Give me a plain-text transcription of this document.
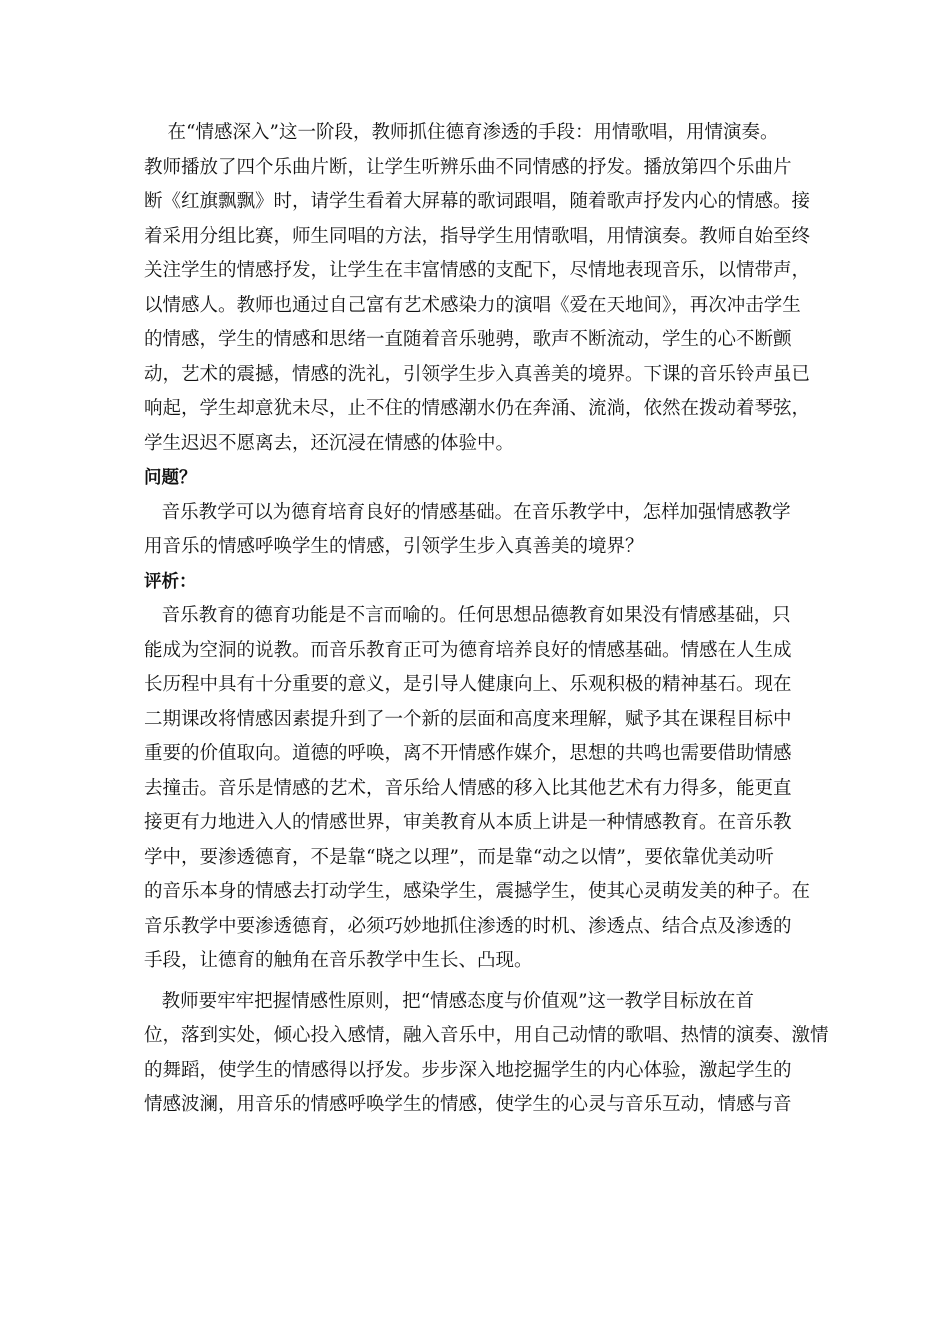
在“情感深入”这一阶段，教师抓住德育渗透的手段：用情歌唱，用情演奏。
教师播放了四个乐曲片断，让学生听辨乐曲不同情感的抒发。播放第四个乐曲片
断《红旗飘飘》时，请学生看着大屏幕的歌词跟唱，随着歌声抒发内心的情感。接
着采用分组比赛，师生同唱的方法，指导学生用情歌唱，用情演奏。教师自始至终
关注学生的情感抒发，让学生在丰富情感的支配下，尽情地表现音乐，以情带声，
以情感人。教师也通过自己富有艺术感染力的演唱《爱在天地间》，再次冲击学生
的情感，学生的情感和思绪一直随着音乐驰骋，歌声不断流动，学生的心不断颤
动，艺术的震撼，情感的洗礼，引领学生步入真善美的境界。下课的音乐铃声虽已
响起，学生却意犹未尽，止不住的情感潮水仍在奔涌、流淌，依然在拨动着琴弦，
学生迟迟不愿离去，还沉浸在情感的体验中。
问题？
音乐教学可以为德育培育良好的情感基础。在音乐教学中，怎样加强情感教学
用音乐的情感呼唤学生的情感，引领学生步入真善美的境界？
评析：
音乐教育的德育功能是不言而喻的。任何思想品德教育如果没有情感基础，只
能成为空洞的说教。而音乐教育正可为德育培养良好的情感基础。情感在人生成
长历程中具有十分重要的意义，是引导人健康向上、乐观积极的精神基石。现在
二期课改将情感因素提升到了一个新的层面和高度来理解，赋予其在课程目标中
重要的价值取向。道德的呼唤，离不开情感作媒介，思想的共鸣也需要借助情感
去撞击。音乐是情感的艺术，音乐给人情感的移入比其他艺术有力得多，能更直
接更有力地进入人的情感世界，审美教育从本质上讲是一种情感教育。在音乐教
学中，要渗透德育，不是靠“晓之以理”，而是靠“动之以情”，要依靠优美动听
的音乐本身的情感去打动学生，感染学生，震撼学生，使其心灵萌发美的种子。在
音乐教学中要渗透德育，必须巧妙地抓住渗透的时机、渗透点、结合点及渗透的
手段，让德育的触角在音乐教学中生长、凸现。
教师要牢牢把握情感性原则，把“情感态度与价值观”这一教学目标放在首
位，落到实处，倾心投入感情，融入音乐中，用自己动情的歌唱、热情的演奏、激情
的舞蹈，使学生的情感得以抒发。步步深入地挖掘学生的内心体验，激起学生的
情感波澜，用音乐的情感呼唤学生的情感，使学生的心灵与音乐互动，情感与音
